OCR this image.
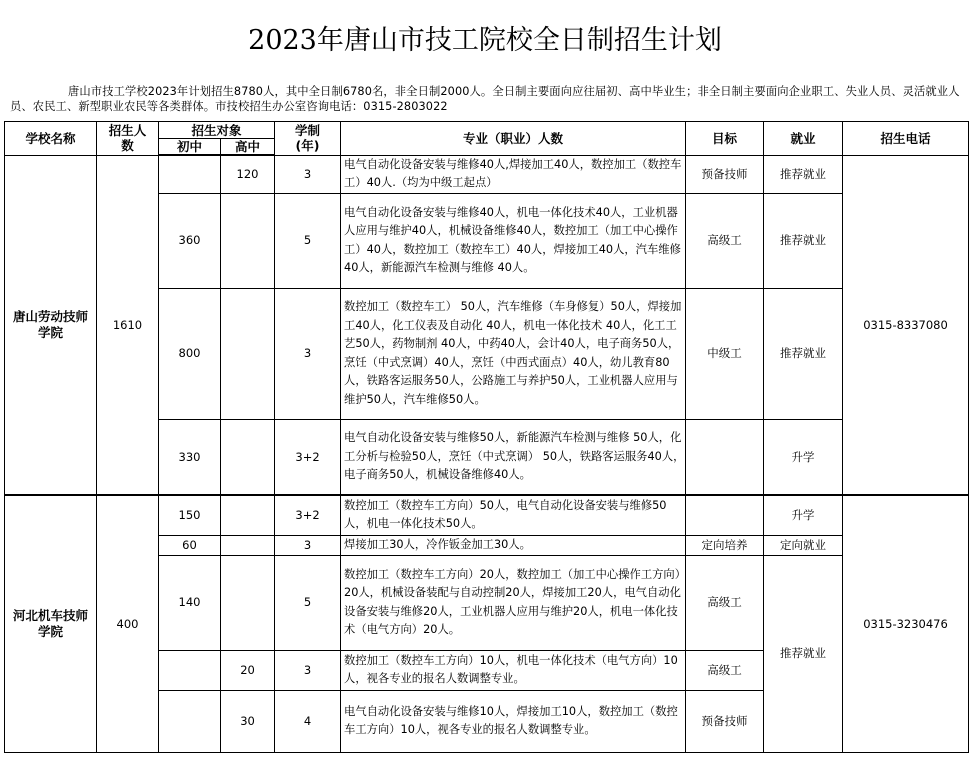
2023年唐山市技工院校全日制招生计划
唐山市技工学校2023年计划招生8780人，其中全日制6780名，非全日制2000人。全日制主要面向应往届初、高中毕业生；非全日制主要面向企业职工、失业人员、灵活就业人员、农民工、新型职业农民等各类群体。市技校招生办公室咨询电话：0315-2803022
学校名称	招生人数	招生对象		学制(年)	专业（职业）人数	目标	就业	招生电话
		初中	高中					
唐山劳动技师学院	1610		120	3	电气自动化设备安装与维修40人,焊接加工40人，数控加工（数控车工）40人.（均为中级工起点）	预备技师	推荐就业	0315-8337080
		360		5	电气自动化设备安装与维修40人，机电一体化技术40人，工业机器人应用与维护40人，机械设备维修40人，数控加工（加工中心操作工）40人，数控加工（数控车工）40人，焊接加工40人，汽车维修40人，新能源汽车检测与维修 40人。	高级工	推荐就业	
		800		3	数控加工（数控车工） 50人，汽车维修（车身修复）50人，焊接加工40人，化工仪表及自动化 40人，机电一体化技术 40人，化工工艺50人，药物制剂 40人，中药40人，会计40人，电子商务50人，烹饪（中式烹调）40人，烹饪（中西式面点）40人，幼儿教育80人，铁路客运服务50人，公路施工与养护50人，工业机器人应用与维护50人，汽车维修50人。	中级工	推荐就业	
		330		3+2	电气自动化设备安装与维修50人，新能源汽车检测与维修 50人，化工分析与检验50人，烹饪（中式烹调） 50人，铁路客运服务40人，电子商务50人，机械设备维修40人。		升学	
河北机车技师学院	400	150		3+2	数控加工（数控车工方向）50人，电气自动化设备安装与维修50人，机电一体化技术50人。		升学	0315-3230476
		60		3	焊接加工30人，冷作钣金加工30人。	定向培养	定向就业	
		140		5	数控加工（数控车工方向）20人，数控加工（加工中心操作工方向）20人，机械设备装配与自动控制20人，焊接加工20人，电气自动化设备安装与维修20人，工业机器人应用与维护20人，机电一体化技术（电气方向）20人。	高级工	推荐就业	
			20	3	数控加工（数控车工方向）10人，机电一体化技术（电气方向）10人，视各专业的报名人数调整专业。	高级工		
			30	4	电气自动化设备安装与维修10人，焊接加工10人，数控加工（数控车工方向）10人，视各专业的报名人数调整专业。	预备技师		
